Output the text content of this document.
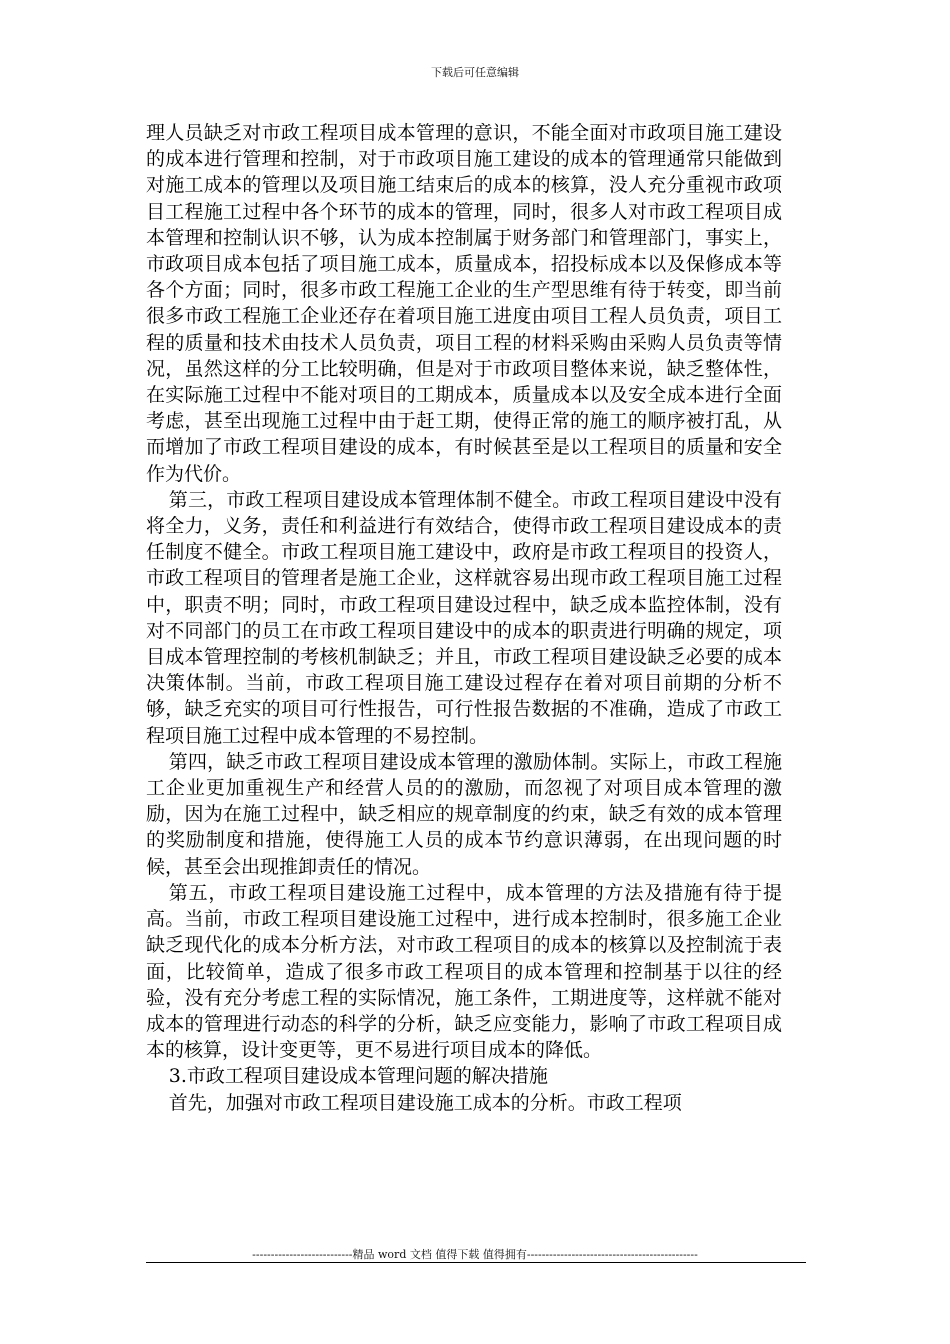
下载后可任意编辑

理人员缺乏对市政工程项目成本管理的意识，不能全面对市政项目施工建设的成本进行管理和控制，对于市政项目施工建设的成本的管理通常只能做到对施工成本的管理以及项目施工结束后的成本的核算，没人充分重视市政项目工程施工过程中各个环节的成本的管理，同时，很多人对市政工程项目成本管理和控制认识不够，认为成本控制属于财务部门和管理部门，事实上，市政项目成本包括了项目施工成本，质量成本，招投标成本以及保修成本等各个方面；同时，很多市政工程施工企业的生产型思维有待于转变，即当前很多市政工程施工企业还存在着项目施工进度由项目工程人员负责，项目工程的质量和技术由技术人员负责，项目工程的材料采购由采购人员负责等情况，虽然这样的分工比较明确，但是对于市政项目整体来说，缺乏整体性，在实际施工过程中不能对项目的工期成本，质量成本以及安全成本进行全面考虑，甚至出现施工过程中由于赶工期，使得正常的施工的顺序被打乱，从而增加了市政工程项目建设的成本，有时候甚至是以工程项目的质量和安全作为代价。

第三，市政工程项目建设成本管理体制不健全。市政工程项目建设中没有将全力，义务，责任和利益进行有效结合，使得市政工程项目建设成本的责任制度不健全。市政工程项目施工建设中，政府是市政工程项目的投资人，市政工程项目的管理者是施工企业，这样就容易出现市政工程项目施工过程中，职责不明；同时，市政工程项目建设过程中，缺乏成本监控体制，没有对不同部门的员工在市政工程项目建设中的成本的职责进行明确的规定，项目成本管理控制的考核机制缺乏；并且，市政工程项目建设缺乏必要的成本决策体制。当前，市政工程项目施工建设过程存在着对项目前期的分析不够，缺乏充实的项目可行性报告，可行性报告数据的不准确，造成了市政工程项目施工过程中成本管理的不易控制。

第四，缺乏市政工程项目建设成本管理的激励体制。实际上，市政工程施工企业更加重视生产和经营人员的的激励，而忽视了对项目成本管理的激励，因为在施工过程中，缺乏相应的规章制度的约束，缺乏有效的成本管理的奖励制度和措施，使得施工人员的成本节约意识薄弱，在出现问题的时候，甚至会出现推卸责任的情况。

第五，市政工程项目建设施工过程中，成本管理的方法及措施有待于提高。当前，市政工程项目建设施工过程中，进行成本控制时，很多施工企业缺乏现代化的成本分析方法，对市政工程项目的成本的核算以及控制流于表面，比较简单，造成了很多市政工程项目的成本管理和控制基于以往的经验，没有充分考虑工程的实际情况，施工条件，工期进度等，这样就不能对成本的管理进行动态的科学的分析，缺乏应变能力，影响了市政工程项目成本的核算，设计变更等，更不易进行项目成本的降低。

3.市政工程项目建设成本管理问题的解决措施

首先，加强对市政工程项目建设施工成本的分析。市政工程项

---------------------------精品 word 文档 值得下载 值得拥有----------------------------------------------
